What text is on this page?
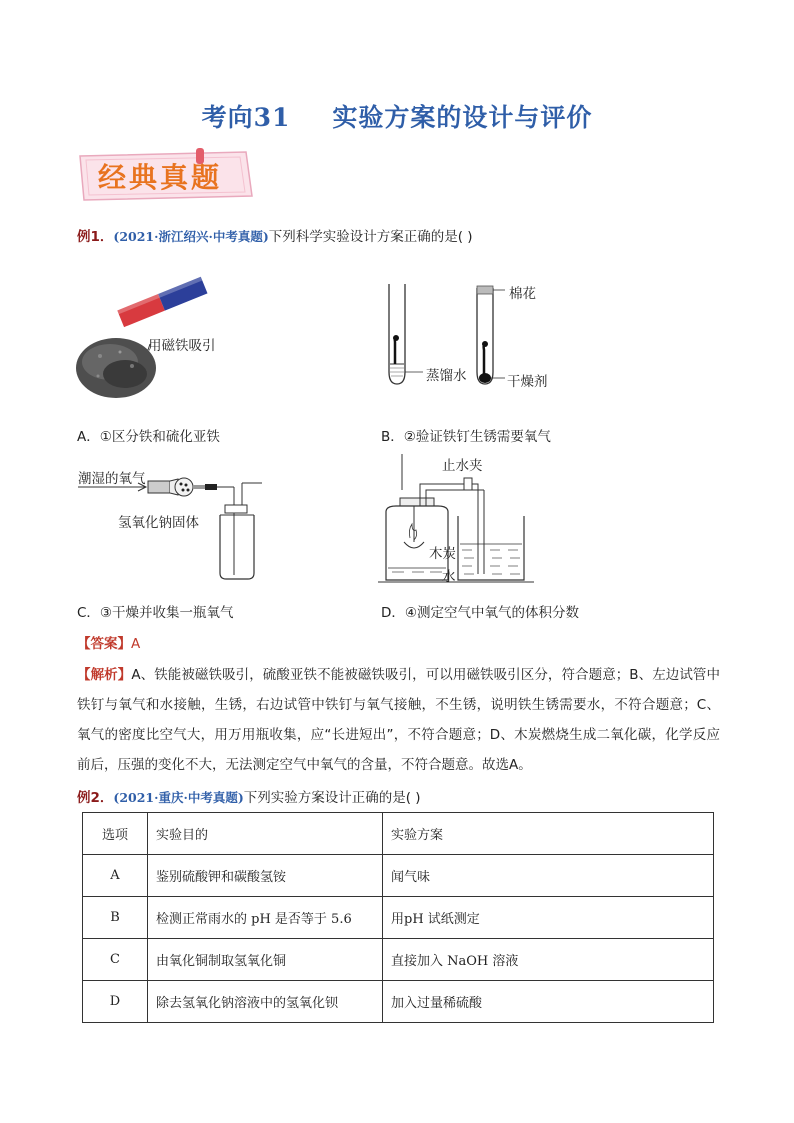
考向31 实验方案的设计与评价
经典真题
例1．(2021·浙江绍兴·中考真题)下列科学实验设计方案正确的是( )
用磁铁吸引
棉花
蒸馏水	干燥剂
A．①区分铁和硫化亚铁	B．②验证铁钉生锈需要氧气
潮湿的氧气
氢氧化钠固体
止水夹
木炭
水
C．③干燥并收集一瓶氧气	D．④测定空气中氧气的体积分数
【答案】A
【解析】A、铁能被磁铁吸引，硫酸亚铁不能被磁铁吸引，可以用磁铁吸引区分，符合题意；B、左边试管中铁钉与氧气和水接触，生锈，右边试管中铁钉与氧气接触，不生锈，说明铁生锈需要水，不符合题意；C、氧气的密度比空气大，用万用瓶收集，应“长进短出”，不符合题意；D、木炭燃烧生成二氧化碳，化学反应前后，压强的变化不大，无法测定空气中氧气的含量，不符合题意。故选A。
例2．(2021·重庆·中考真题)下列实验方案设计正确的是( )
选项	实验目的	实验方案
A	鉴别硫酸钾和碳酸氢铵	闻气味
B	检测正常雨水的 pH 是否等于 5.6	用pH 试纸测定
C	由氧化铜制取氢氧化铜	直接加入 NaOH 溶液
D	除去氢氧化钠溶液中的氢氧化钡	加入过量稀硫酸
